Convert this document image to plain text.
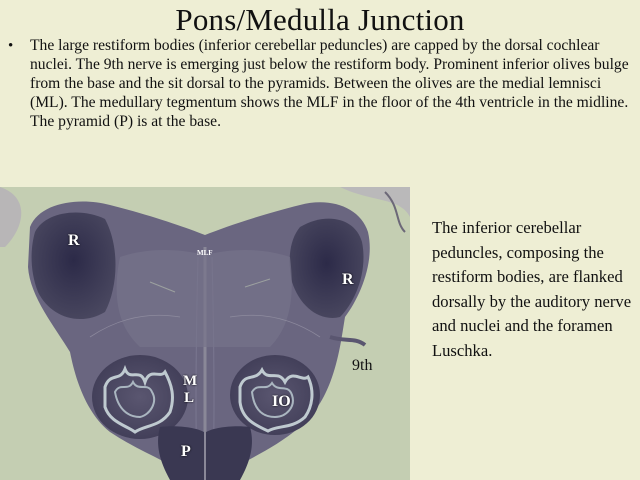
Pons/Medulla Junction
• The large restiform bodies (inferior cerebellar peduncles) are capped by the dorsal cochlear nuclei. The 9th nerve is emerging just below the restiform body. Prominent inferior olives bulge from the base and the sit dorsal to the pyramids. Between the olives are the medial lemnisci (ML). The medullary tegmentum shows the MLF in the floor of the 4th ventricle in the midline. The pyramid (P) is at the base.
R
R
MLF
M
L	IO
P
9th
The inferior cerebellar peduncles, composing the restiform bodies, are flanked dorsally by the auditory nerve and nuclei and the foramen Luschka.
